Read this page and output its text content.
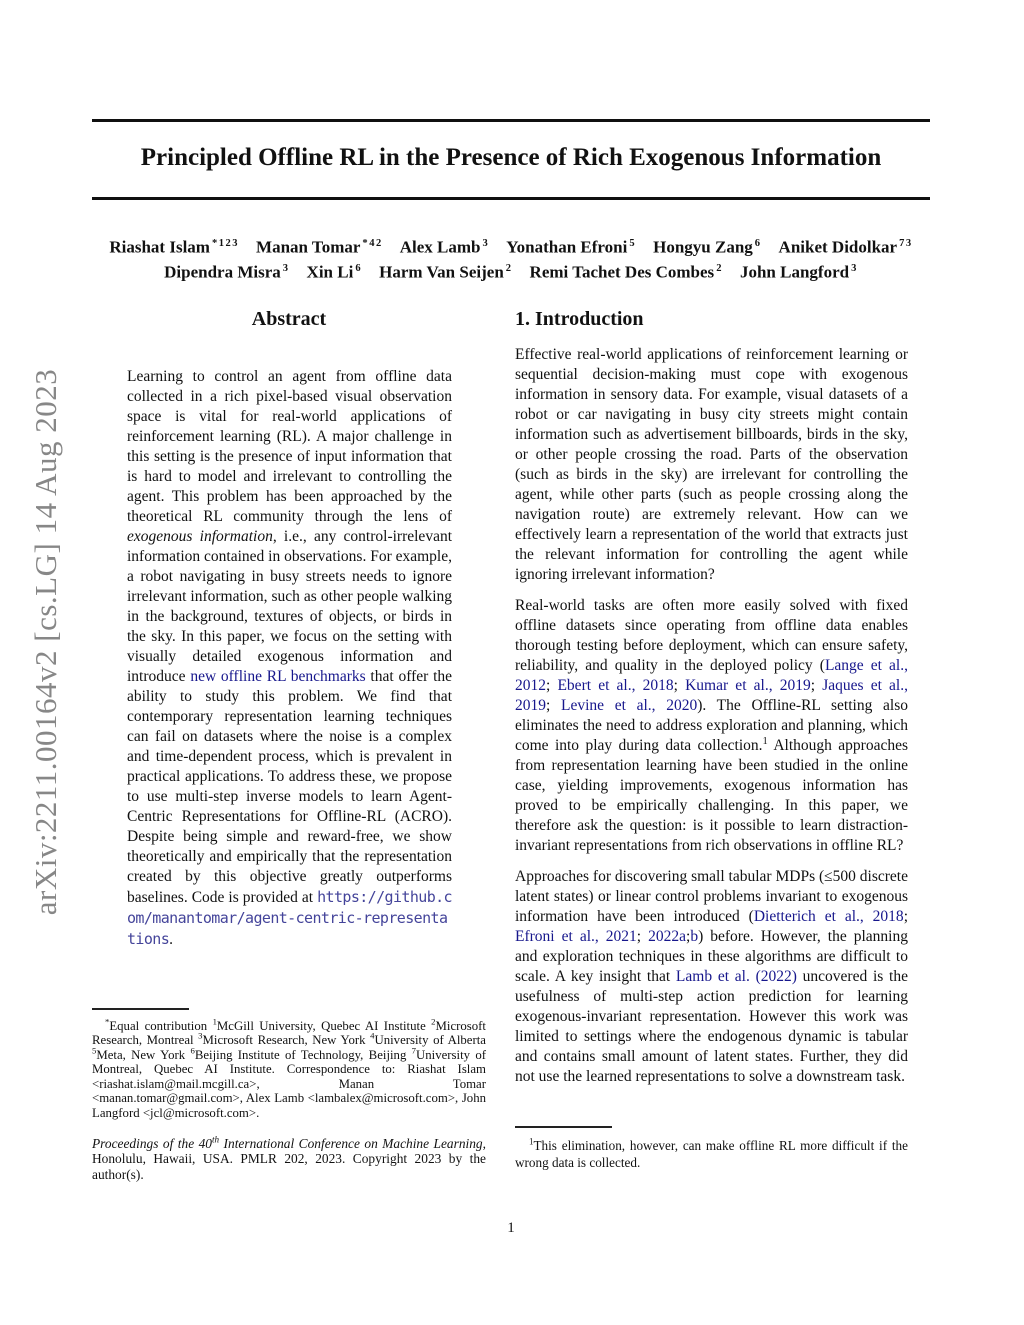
arXiv:2211.00164v2 [cs.LG] 14 Aug 2023
Principled Offline RL in the Presence of Rich Exogenous Information
Riashat Islam $^{*123}$   Manan Tomar $^{*42}$   Alex Lamb $^3$   Yonathan Efroni $^5$   Hongyu Zang $^6$   Aniket Didolkar $^{73}$
Dipendra Misra $^3$   Xin Li $^6$   Harm Van Seijen $^2$   Remi Tachet Des Combes $^2$   John Langford $^3$
Abstract

Learning to control an agent from offline data collected in a rich pixel-based visual observation space is vital for real-world applications of reinforcement learning (RL). A major challenge in this setting is the presence of input information that is hard to model and irrelevant to controlling the agent. This problem has been approached by the theoretical RL community through the lens of exogenous information, i.e., any control-irrelevant information contained in observations. For example, a robot navigating in busy streets needs to ignore irrelevant information, such as other people walking in the background, textures of objects, or birds in the sky. In this paper, we focus on the setting with visually detailed exogenous information and introduce new offline RL benchmarks that offer the ability to study this problem. We find that contemporary representation learning techniques can fail on datasets where the noise is a complex and time-dependent process, which is prevalent in practical applications. To address these, we propose to use multi-step inverse models to learn Agent-Centric Representations for Offline-RL (ACRO). Despite being simple and reward-free, we show theoretically and empirically that the representation created by this objective greatly outperforms baselines. Code is provided at https://github.com/manantomar/agent-centric-representations.

1. Introduction

Effective real-world applications of reinforcement learning or sequential decision-making must cope with exogenous information in sensory data. For example, visual datasets of a robot or car navigating in busy city streets might contain information such as advertisement billboards, birds in the sky, or other people crossing the road. Parts of the observation (such as birds in the sky) are irrelevant for controlling the agent, while other parts (such as people crossing along the navigation route) are extremely relevant. How can we effectively learn a representation of the world that extracts just the relevant information for controlling the agent while ignoring irrelevant information?

Real-world tasks are often more easily solved with fixed offline datasets since operating from offline data enables thorough testing before deployment, which can ensure safety, reliability, and quality in the deployed policy (Lange et al., 2012; Ebert et al., 2018; Kumar et al., 2019; Jaques et al., 2019; Levine et al., 2020). The Offline-RL setting also eliminates the need to address exploration and planning, which come into play during data collection.$^1$ Although approaches from representation learning have been studied in the online case, yielding improvements, exogenous information has proved to be empirically challenging. In this paper, we therefore ask the question: is it possible to learn distraction-invariant representations from rich observations in offline RL?

Approaches for discovering small tabular MDPs (≤500 discrete latent states) or linear control problems invariant to exogenous information have been introduced (Dietterich et al., 2018; Efroni et al., 2021; 2022a;b) before. However, the planning and exploration techniques in these algorithms are difficult to scale. A key insight that Lamb et al. (2022) uncovered is the usefulness of multi-step action prediction for learning exogenous-invariant representation. However this work was limited to settings where the endogenous dynamic is tabular and contains small amount of latent states. Further, they did not use the learned representations to solve a downstream task.

*Equal contribution $^1$McGill University, Quebec AI Institute $^2$Microsoft Research, Montreal $^3$Microsoft Research, New York $^4$University of Alberta $^5$Meta, New York $^6$Beijing Institute of Technology, Beijing $^7$University of Montreal, Quebec AI Institute. Correspondence to: Riashat Islam <riashat.islam@mail.mcgill.ca>, Manan Tomar <manan.tomar@gmail.com>, Alex Lamb <lambalex@microsoft.com>, John Langford <jcl@microsoft.com>.

Proceedings of the 40th International Conference on Machine Learning, Honolulu, Hawaii, USA. PMLR 202, 2023. Copyright 2023 by the author(s).

$^1$This elimination, however, can make offline RL more difficult if the wrong data is collected.

1
